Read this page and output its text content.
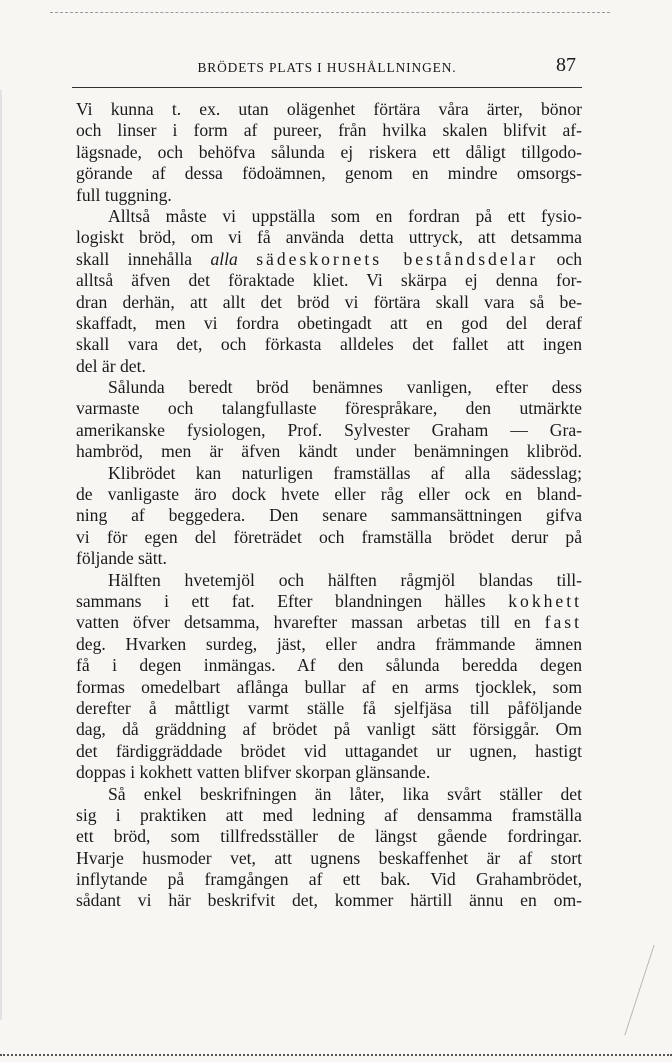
BRÖDETS PLATS I HUSHÅLLNINGEN.	87
Vi kunna t. ex. utan olägenhet förtära våra ärter, bönor
och linser i form af pureer, från hvilka skalen blifvit af-
lägsnade, och behöfva sålunda ej riskera ett dåligt tillgodo-
görande af dessa födoämnen, genom en mindre omsorgs-
full tuggning.
Alltså måste vi uppställa som en fordran på ett fysio-
logiskt bröd, om vi få använda detta uttryck, att detsamma
skall innehålla alla sädeskornets beståndsdelar och
alltså äfven det föraktade kliet. Vi skärpa ej denna for-
dran derhän, att allt det bröd vi förtära skall vara så be-
skaffadt, men vi fordra obetingadt att en god del deraf
skall vara det, och förkasta alldeles det fallet att ingen
del är det.
Sålunda beredt bröd benämnes vanligen, efter dess
varmaste och talangfullaste förespråkare, den utmärkte
amerikanske fysiologen, Prof. Sylvester Graham — Gra-
hambröd, men är äfven kändt under benämningen klibröd.
Klibrödet kan naturligen framställas af alla sädesslag;
de vanligaste äro dock hvete eller råg eller ock en bland-
ning af beggedera. Den senare sammansättningen gifva
vi för egen del företrädet och framställa brödet derur på
följande sätt.
Hälften hvetemjöl och hälften rågmjöl blandas till-
sammans i ett fat. Efter blandningen hälles kokhett
vatten öfver detsamma, hvarefter massan arbetas till en fast
deg. Hvarken surdeg, jäst, eller andra främmande ämnen
få i degen inmängas. Af den sålunda beredda degen
formas omedelbart aflånga bullar af en arms tjocklek, som
derefter å måttligt varmt ställe få sjelfjäsa till påföljande
dag, då gräddning af brödet på vanligt sätt försiggår. Om
det färdiggräddade brödet vid uttagandet ur ugnen, hastigt
doppas i kokhett vatten blifver skorpan glänsande.
Så enkel beskrifningen än låter, lika svårt ställer det
sig i praktiken att med ledning af densamma framställa
ett bröd, som tillfredsställer de längst gående fordringar.
Hvarje husmoder vet, att ugnens beskaffenhet är af stort
inflytande på framgången af ett bak. Vid Grahambrödet,
sådant vi här beskrifvit det, kommer härtill ännu en om-
